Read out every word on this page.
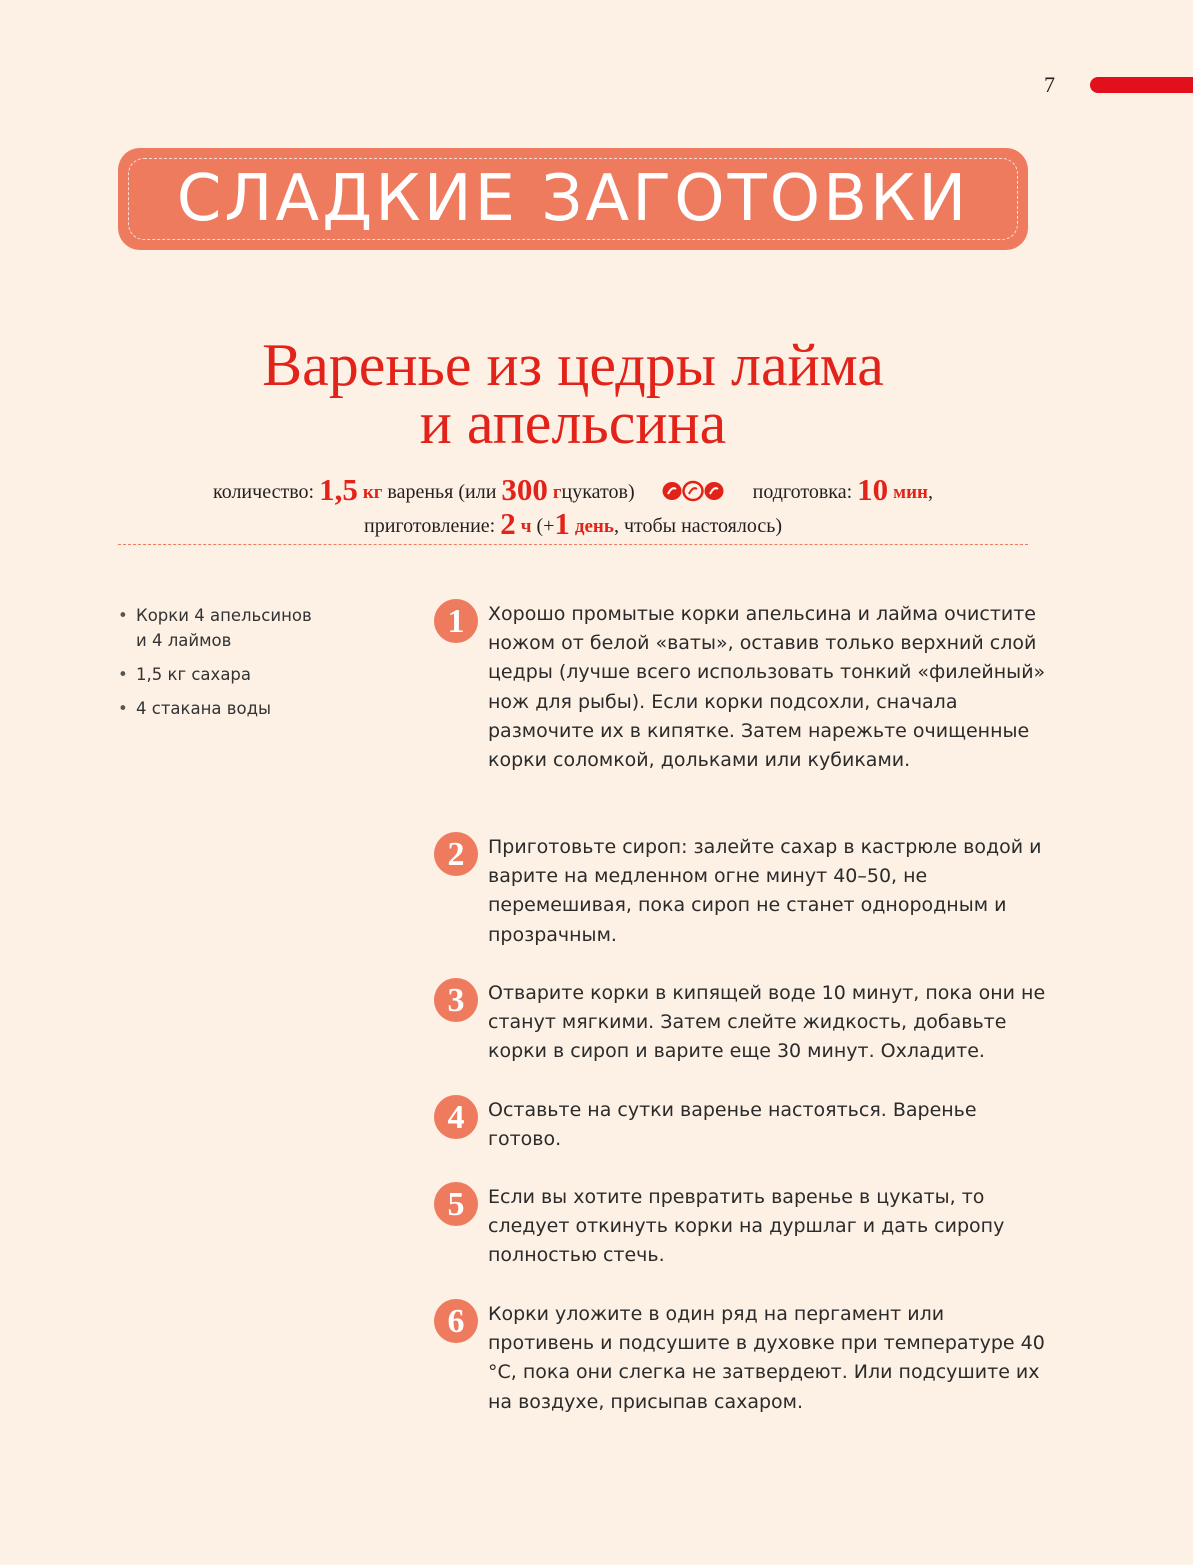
7
СЛАДКИЕ ЗАГОТОВКИ
Варенье из цедры лайма
и апельсина
количество: 1,5 кг варенья (или 300 гцукатов)	подготовка: 10 мин,
приготовление: 2 ч (+1 день, чтобы настоялось)
• Корки 4 апельсинов
и 4 лаймов
• 1,5 кг сахара
• 4 стакана воды
1	Хорошо промытые корки апельсина и лайма очистите ножом от белой «ваты», оставив только верхний слой цедры (лучше всего использовать тонкий «филейный» нож для рыбы). Если корки подсохли, сначала размочите их в кипятке. Затем нарежьте очищенные корки соломкой, дольками или кубиками.
2	Приготовьте сироп: залейте сахар в кастрюле водой и варите на медленном огне минут 40–50, не перемешивая, пока сироп не станет однородным и прозрачным.
3	Отварите корки в кипящей воде 10 минут, пока они не станут мягкими. Затем слейте жидкость, добавьте корки в сироп и варите еще 30 минут. Охладите.
4	Оставьте на сутки варенье настояться. Варенье готово.
5	Если вы хотите превратить варенье в цукаты, то следует откинуть корки на дуршлаг и дать сиропу полностью стечь.
6	Корки уложите в один ряд на пергамент или противень и подсушите в духовке при температуре 40 °С, пока они слегка не затвердеют. Или подсушите их на воздухе, присыпав сахаром.
